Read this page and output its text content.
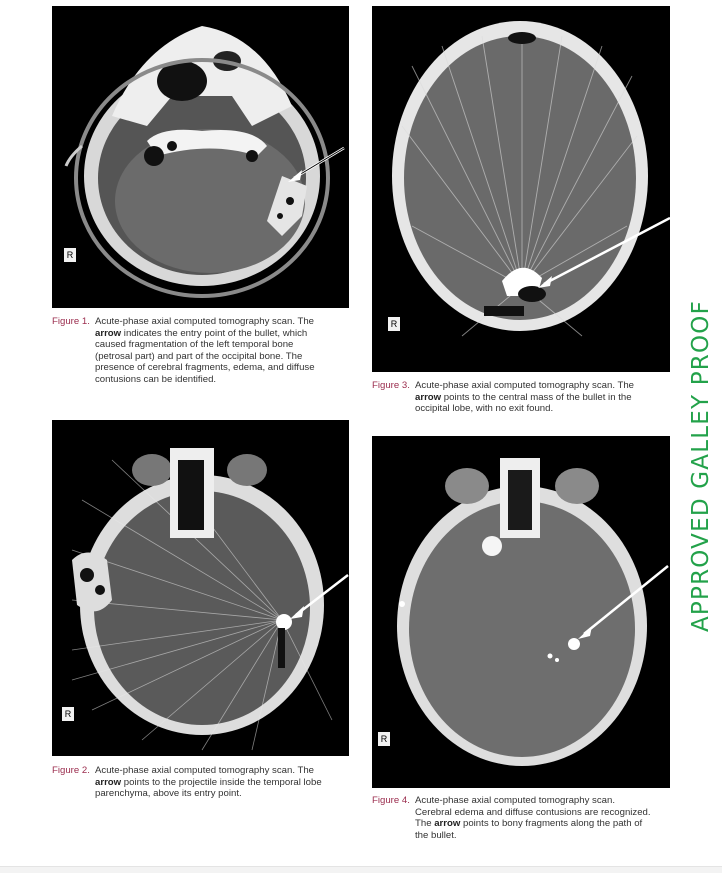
R
Figure 1. Acute-phase axial computed tomography scan. The
arrow indicates the entry point of the bullet, which
caused fragmentation of the left temporal bone
(petrosal part) and part of the occipital bone. The
presence of cerebral fragments, edema, and diffuse
contusions can be identified.
R
Figure 2. Acute-phase axial computed tomography scan. The
arrow points to the projectile inside the temporal lobe
parenchyma, above its entry point.
R
Figure 3. Acute-phase axial computed tomography scan. The
arrow points to the central mass of the bullet in the
occipital lobe, with no exit found.
R
Figure 4. Acute-phase axial computed tomography scan.
Cerebral edema and diffuse contusions are recognized.
The arrow points to bony fragments along the path of
the bullet.
APPROVED GALLEY PROOF
